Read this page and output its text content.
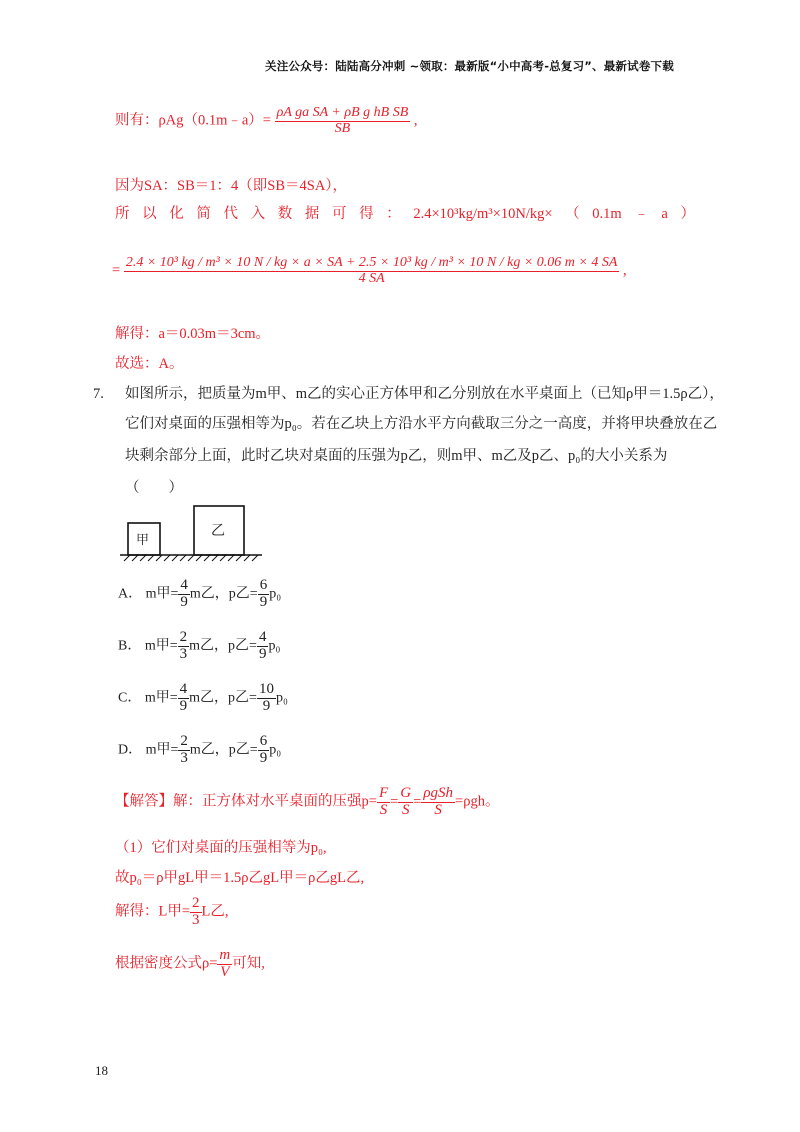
关注公众号：陆陆高分冲刺 ~领取：最新版“小中高考-总复习”、最新试卷下载
则有：ρAg（0.1m﹣a）= $\frac{\text{ρA ga SA + ρB g hB SB}}{SB}$ ,
因为SA：SB＝1：4（即SB＝4SA），
所以化简代入数据可得：2.4×10³kg/m³×10N/kg×（0.1m﹣a）
=
2.4 × 10³ kg / m³ × 10 N / kg × a × SA + 2.5 × 10³ kg / m³ × 10 N / kg × 0.06 m × 4 SA
4 SA	,
解得：a＝0.03m＝3cm。
故选：A。
7. 如图所示，把质量为m甲、m乙的实心正方体甲和乙分别放在水平桌面上（已知ρ甲＝1.5ρ乙），
它们对桌面的压强相等为p₀。若在乙块上方沿水平方向截取三分之一高度，并将甲块叠放在乙
块剩余部分上面，此时乙块对桌面的压强为p乙，则m甲、m乙及p乙、p₀的大小关系为
（　　）
甲
乙
A． m甲= $\frac{4}{9}$ m乙，p乙= $\frac{6}{9} p_0$
B． m甲= $\frac{2}{3}$ m乙，p乙= $\frac{4}{9} p_0$
C． m甲= $\frac{4}{9}$ m乙，p乙= $\frac{10}{9} p_0$
D． m甲= $\frac{2}{3}$ m乙，p乙= $\frac{6}{9} p_0$
【解答】解：正方体对水平桌面的压强$p= \frac{F}{S} = \frac{G}{S} = \frac{\text{ρgSh}}{S} =\rho gh$。
（1）它们对桌面的压强相等为p₀,
故p₀＝ρ甲gL甲＝1.5ρ乙gL甲＝ρ乙gL乙,
解得：L甲= $\frac{2}{3}$ L乙,
根据密度公式$\rho= \frac{m}{V}$ 可知,
18
